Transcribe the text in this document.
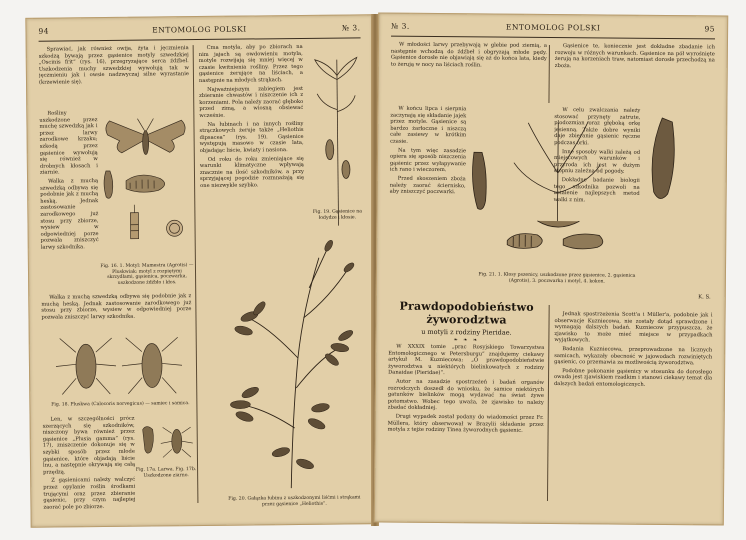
94	ENTOMOLOG POLSKI	№ 3.

Sprawiać, jak również owija, żyta i jęczmienia szkodzą bywają przez gąsienice motyly szwedzkiej „Oscinis frit” (rys. 16), przegryzające serca źdźbeł. Uszkodzenia muchy szwedzkiej wywołują tak w jęczmieniu jak i owsie nadzwyczaj silne wyrastanie (krzewienie się).

Rośliny uszkodzone przez muchę szwedzką jak i przez larwy zarodkowe krzaku; szkodą przez gąsienice wywołują się również w drobnych kłosach i ziarnie.

Walka z muchą szwedzką odbywa się podobnie jak z muchą heską. Jednak zastosowanie zarodkowego już stosu przy zbiorze, wysiew w odpowiedniej porze pozwala zniszczyć larwy szkodnika.

Fig. 16. 1. Motyl: Mamestra (Agrotis) — Pluskwiak: motyl z rozpiętymi skrzydłami, gąsienica, poczwarka, uszkodzone źdźbło i kłos.

Walka z muchą szwedzką odbywa się podobnie jak z muchą heską. Jednak zastosowanie zarodkowego już stosu przy zbiorze, wysiew w odpowiedniej porze pozwala zniszczyć larwy szkodnika.

Fig. 18. Pluskwa (Calocoris norvegicus) — samiec i samica.

Len, w szczególności prócz szerzących się szkodników, niszczony bywa również przez gąsienice „Plusia gamma” (rys. 17), zniszczenie dokonuje się w szybki sposób przez młode gąsienice, które objadają liście lnu, a następnie okrywają się całą przędzą.

Z gąsienicami należy walczyć przez opylanie roślin środkami trującymi oraz przez zbieranie gąsienic, przy czym najlepiej zaorać pole po zbiorze.

Fig. 17a. Larwa. Fig. 17b. Uszkodzone ziarno.

Ćma motyla, aby po zbiorach na nim jajach są owdowieniu motyla, motyle rozwijają się mniej więcej w czasie kwitnienia rośliny. Przez tego gąsienice żerujące na liściach, a następnie na młodych strąkach.

Najważniejszym zabiegiem jest zbieranie chwastów i niszczenie ich z korzeniami. Pola należy zaorać głęboko przed zimą, a wiosną obsiewać wcześnie.

Na łubinach i na innych rośliny strączkowych żeruje także „Heliothis dipsacea” (rys. 19). Gąsienice występują masowo w czasie lata, objadając liście, kwiaty i nasiona.

Od roku do roku zmieniające się warunki klimatyczne wpływają znacznie na ilość szkodników, a przy sprzyjającej pogodzie rozmnażają się one niezwykle szybko.

Fig. 19. Gąsienice na łodydze i kłosie.
Fig. 20. Gałązka łubinu z uszkodzonymi liśćmi i strąkami przez gąsienice „Heliothis”.
№ 3.	ENTOMOLOG POLSKI	95

W młodości larwy przebywają w glebie pod ziemią, a następnie wchodzą do źdźbeł i obgryzają młode pędy. Gąsienice dorosłe nie objawiają się aż do końca lata, kiedy to żerują w nocy na liściach roślin.

W końcu lipca i sierpnia zaczynają się składanie jajek przez motyle. Gąsienice są bardzo żarłoczne i niszczą całe zasiewy w krótkim czasie.

Na tym więc zasadzie opiera się sposób niszczenia gąsienic przez wyłapywanie ich rano i wieczorem.

Przed skoszeniem zboża należy zaorać ściernisko, aby zniszczyć poczwarki.

Fig. 21. 1. Kłosy pszenicy, uszkodzone przez gąsienice, 2. gąsienica (Agrotis), 3. poczwarka i motyl, 4. kokon.

Gąsienice te, koniecznie jest dokładne zbadanie ich rozwoju w różnych warunkach. Gąsienice na pół wyrośnięte żerują na korzeniach traw, natomiast dorosłe przechodzą na zboża.

W celu zwalczania należy stosować przynęty zatrute, płodozmian oraz głęboką orkę jesienną. Także dobre wyniki daje zbieranie gąsienic ręczne podczas orki.

Inne sposoby walki zależą od miejscowych warunków i przyroda ich jest w dużym stopniu zależna od pogody.

Dokładne badanie biologii tego szkodnika pozwoli na ustalenie najlepszych metod walki z nim.

K. S.
Prawdopodobieństwo żyworodztwa
u motyli z rodziny Pieridae.
❧ ❧ ❧

W XXXIX tomie „prac Rosyjskiego Towarzystwa Entomologicznego w Petersburgu” znajdujemy ciekawy artykuł M. Kuzniecowa: „O prawdopodobieństwie żyworodztwa u niektórych bielinkowatych z rodziny Danaidae (Pieridae)”.

Autor na zasadzie spostrzeżeń i badań organów rozrodczych doszedł do wniosku, że samice niektórych gatunków bielinków mogą wydawać na świat żywe potomstwo. Wobec tego uważa, że zjawisko to należy zbadać dokładniej.

Drugi wypadek został podany do wiadomości przez Fr. Müllera, który obserwował w Brazylii składanie przez motyla z tejże rodziny Tinea żyworodnych gąsienic.

Jednak spostrzeżenia Scott'a i Müller'a, podobnie jak i obserwacje Kuzniecowa, nie zostały dotąd sprawdzone i wymagają dalszych badań. Kuzniecow przypuszcza, że zjawisko to może mieć miejsce w przypadkach wyjątkowych.

Badania Kuzniecowa, przeprowadzone na licznych samicach, wykazały obecność w jajowodach rozwiniętych gąsienic, co przemawia za możliwością żyworodztwa.

Podobne pokonanie gąsienicy w stosunku do dorosłego owada jest zjawiskiem rzadkim i stanowi ciekawy temat dla dalszych badań entomologicznych.
